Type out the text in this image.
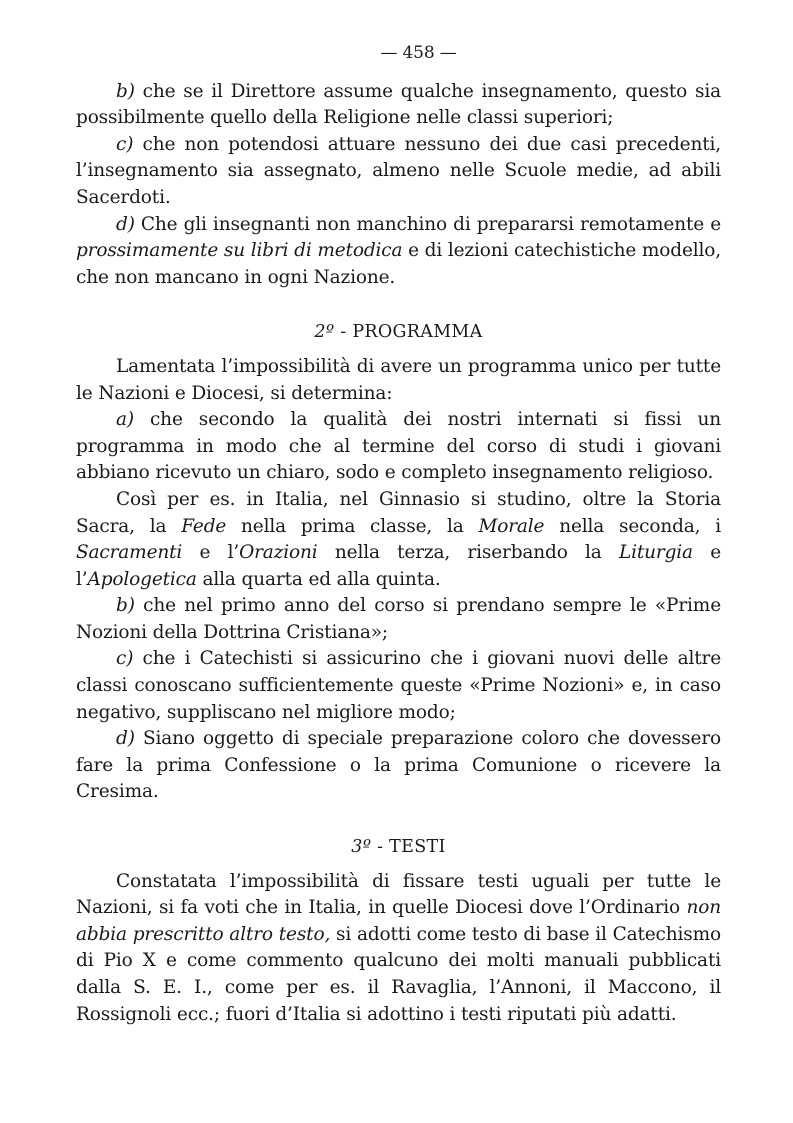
— 458 —

b) che se il Direttore assume qualche insegnamento, questo sia possibilmente quello della Religione nelle classi superiori;

c) che non potendosi attuare nessuno dei due casi precedenti, l’insegnamento sia assegnato, almeno nelle Scuole medie, ad abili Sacerdoti.

d) Che gli insegnanti non manchino di prepararsi remotamente e prossimamente su libri di metodica e di lezioni catechistiche modello, che non mancano in ogni Nazione.

2º - PROGRAMMA

Lamentata l’impossibilità di avere un programma unico per tutte le Nazioni e Diocesi, si determina:

a) che secondo la qualità dei nostri internati si fissi un programma in modo che al termine del corso di studi i giovani abbiano ricevuto un chiaro, sodo e completo insegnamento religioso.

Così per es. in Italia, nel Ginnasio si studino, oltre la Storia Sacra, la Fede nella prima classe, la Morale nella seconda, i Sacramenti e l’Orazioni nella terza, riserbando la Liturgia e l’Apologetica alla quarta ed alla quinta.

b) che nel primo anno del corso si prendano sempre le «Prime Nozioni della Dottrina Cristiana»;

c) che i Catechisti si assicurino che i giovani nuovi delle altre classi conoscano sufficientemente queste «Prime Nozioni» e, in caso negativo, suppliscano nel migliore modo;

d) Siano oggetto di speciale preparazione coloro che dovessero fare la prima Confessione o la prima Comunione o ricevere la Cresima.

3º - TESTI

Constatata l’impossibilità di fissare testi uguali per tutte le Nazioni, si fa voti che in Italia, in quelle Diocesi dove l’Ordinario non abbia prescritto altro testo, si adotti come testo di base il Catechismo di Pio X e come commento qualcuno dei molti manuali pubblicati dalla S. E. I., come per es. il Ravaglia, l’Annoni, il Maccono, il Rossignoli ecc.; fuori d’Italia si adottino i testi riputati più adatti.
